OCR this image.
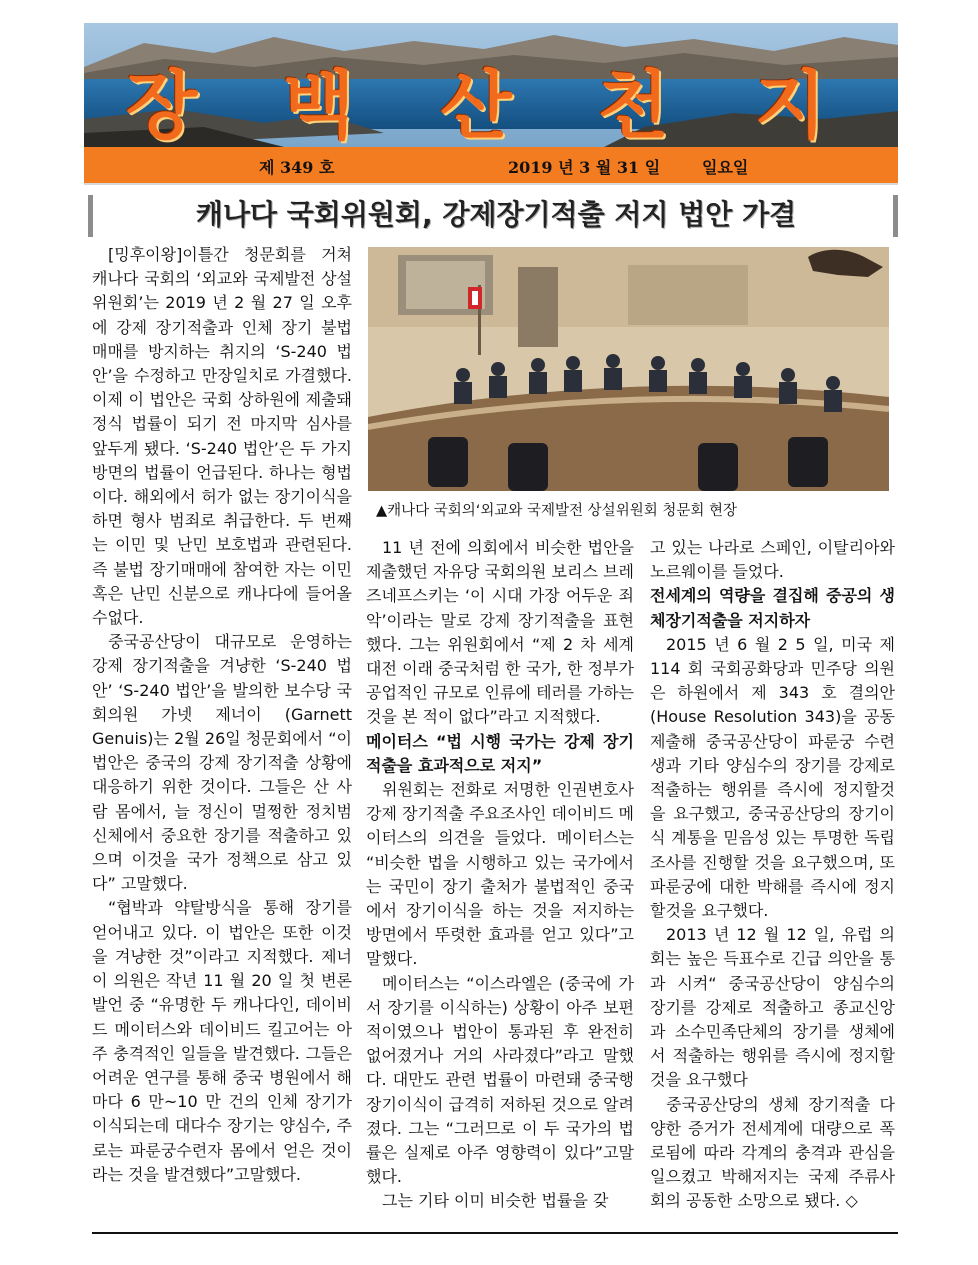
장 백 산 천 지
제 349 호	2019 년 3 월 31 일	일요일
캐나다 국회위원회, 강제장기적출 저지 법안 가결

[밍후이왕]이틀간 청문회를 거쳐 캐나다 국회의 ‘외교와 국제발전 상설위원회’는 2019 년 2 월 27 일 오후에 강제 장기적출과 인체 장기 불법 매매를 방지하는 취지의 ‘S-240 법안’을 수정하고 만장일치로 가결했다. 이제 이 법안은 국회 상하원에 제출돼 정식 법률이 되기 전 마지막 심사를 앞두게 됐다. ‘S-240 법안’은 두 가지 방면의 법률이 언급된다. 하나는 형법이다. 해외에서 허가 없는 장기이식을 하면 형사 범죄로 취급한다. 두 번째는 이민 및 난민 보호법과 관련된다. 즉 불법 장기매매에 참여한 자는 이민 혹은 난민 신분으로 캐나다에 들어올수없다.

중국공산당이 대규모로 운영하는 강제 장기적출을 겨냥한 ‘S-240 법안’ ‘S-240 법안’을 발의한 보수당 국회의원 가넷 제너이 (Garnett Genuis)는 2월 26일 청문회에서 “이 법안은 중국의 강제 장기적출 상황에 대응하기 위한 것이다. 그들은 산 사람 몸에서, 늘 정신이 멀쩡한 정치범 신체에서 중요한 장기를 적출하고 있으며 이것을 국가 정책으로 삼고 있다” 고말했다.

“협박과 약탈방식을 통해 장기를 얻어내고 있다. 이 법안은 또한 이것을 겨냥한 것”이라고 지적했다. 제너이 의원은 작년 11 월 20 일 첫 변론 발언 중 “유명한 두 캐나다인, 데이비드 메이터스와 데이비드 킬고어는 아주 충격적인 일들을 발견했다. 그들은 어려운 연구를 통해 중국 병원에서 해마다 6 만~10 만 건의 인체 장기가 이식되는데 대다수 장기는 양심수, 주로는 파룬궁수련자 몸에서 얻은 것이라는 것을 발견했다”고말했다.

▲캐나다 국회의‘외교와 국제발전 상설위원회 청문회 현장

11 년 전에 의회에서 비슷한 법안을 제출했던 자유당 국회의원 보리스 브레즈네프스키는 ‘이 시대 가장 어두운 죄악’이라는 말로 강제 장기적출을 표현했다. 그는 위원회에서 “제 2 차 세계대전 이래 중국처럼 한 국가, 한 정부가 공업적인 규모로 인류에 테러를 가하는 것을 본 적이 없다”라고 지적했다.

메이터스 “법 시행 국가는 강제 장기적출을 효과적으로 저지”

위원회는 전화로 저명한 인권변호사 강제 장기적출 주요조사인 데이비드 메이터스의 의견을 들었다. 메이터스는 “비슷한 법을 시행하고 있는 국가에서는 국민이 장기 출처가 불법적인 중국에서 장기이식을 하는 것을 저지하는 방면에서 뚜렷한 효과를 얻고 있다”고말했다.

메이터스는 “이스라엘은 (중국에 가서 장기를 이식하는) 상황이 아주 보편적이였으나 법안이 통과된 후 완전히 없어졌거나 거의 사라졌다”라고 말했다. 대만도 관련 법률이 마련돼 중국행 장기이식이 급격히 저하된 것으로 알려졌다. 그는 “그러므로 이 두 국가의 법률은 실제로 아주 영향력이 있다”고말했다.

그는 기타 이미 비슷한 법률을 갖

고 있는 나라로 스페인, 이탈리아와 노르웨이를 들었다.

전세계의 역량을 결집해 중공의 생체장기적출을 저지하자

2015 년 6 월 2 5 일, 미국 제 114 회 국회공화당과 민주당 의원은 하원에서 제 343 호 결의안 (House Resolution 343)을 공동 제출해 중국공산당이 파룬궁 수련생과 기타 양심수의 장기를 강제로 적출하는 행위를 즉시에 정지할것을 요구했고, 중국공산당의 장기이식 계통을 믿음성 있는 투명한 독립조사를 진행할 것을 요구했으며, 또 파룬궁에 대한 박해를 즉시에 정지할것을 요구했다.

2013 년 12 월 12 일, 유럽 의회는 높은 득표수로 긴급 의안을 통과 시켜“ 중국공산당이 양심수의 장기를 강제로 적출하고 종교신앙과 소수민족단체의 장기를 생체에서 적출하는 행위를 즉시에 정지할것을 요구했다

중국공산당의 생체 장기적출 다양한 증거가 전세계에 대량으로 폭로됨에 따라 각계의 충격과 관심을 일으켰고 박해저지는 국제 주류사회의 공동한 소망으로 됐다. ◇
